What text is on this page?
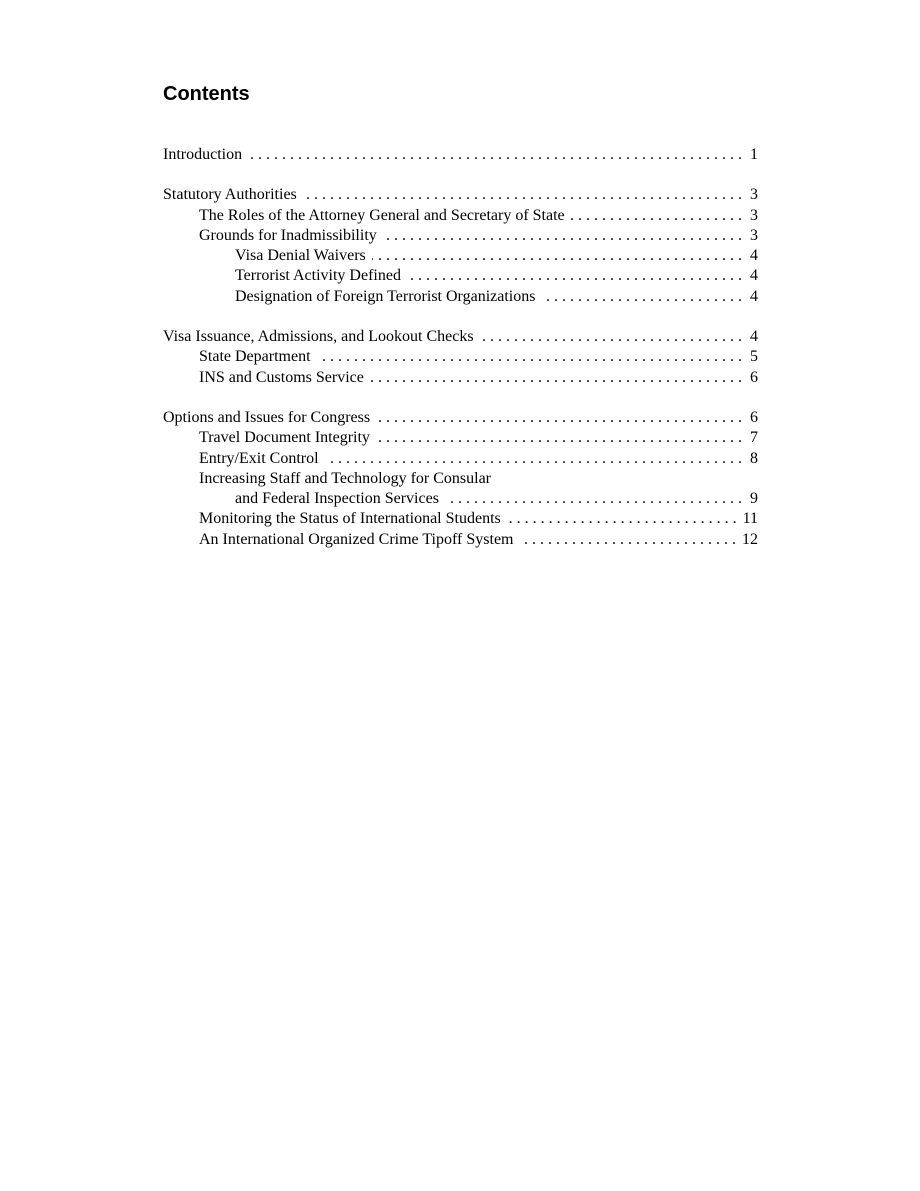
Contents
Introduction . . .	1
Statutory Authorities . . .	3
The Roles of the Attorney General and Secretary of State . . .	3
Grounds for Inadmissibility . . .	3
Visa Denial Waivers . . .	4
Terrorist Activity Defined . . .	4
Designation of Foreign Terrorist Organizations . . .	4
Visa Issuance, Admissions, and Lookout Checks . . .	4
State Department . . .	5
INS and Customs Service . . .	6
Options and Issues for Congress . . .	6
Travel Document Integrity . . .	7
Entry/Exit Control . . .	8
Increasing Staff and Technology for Consular
and Federal Inspection Services . . .	9
Monitoring the Status of International Students . . .	11
An International Organized Crime Tipoff System . . .	12
